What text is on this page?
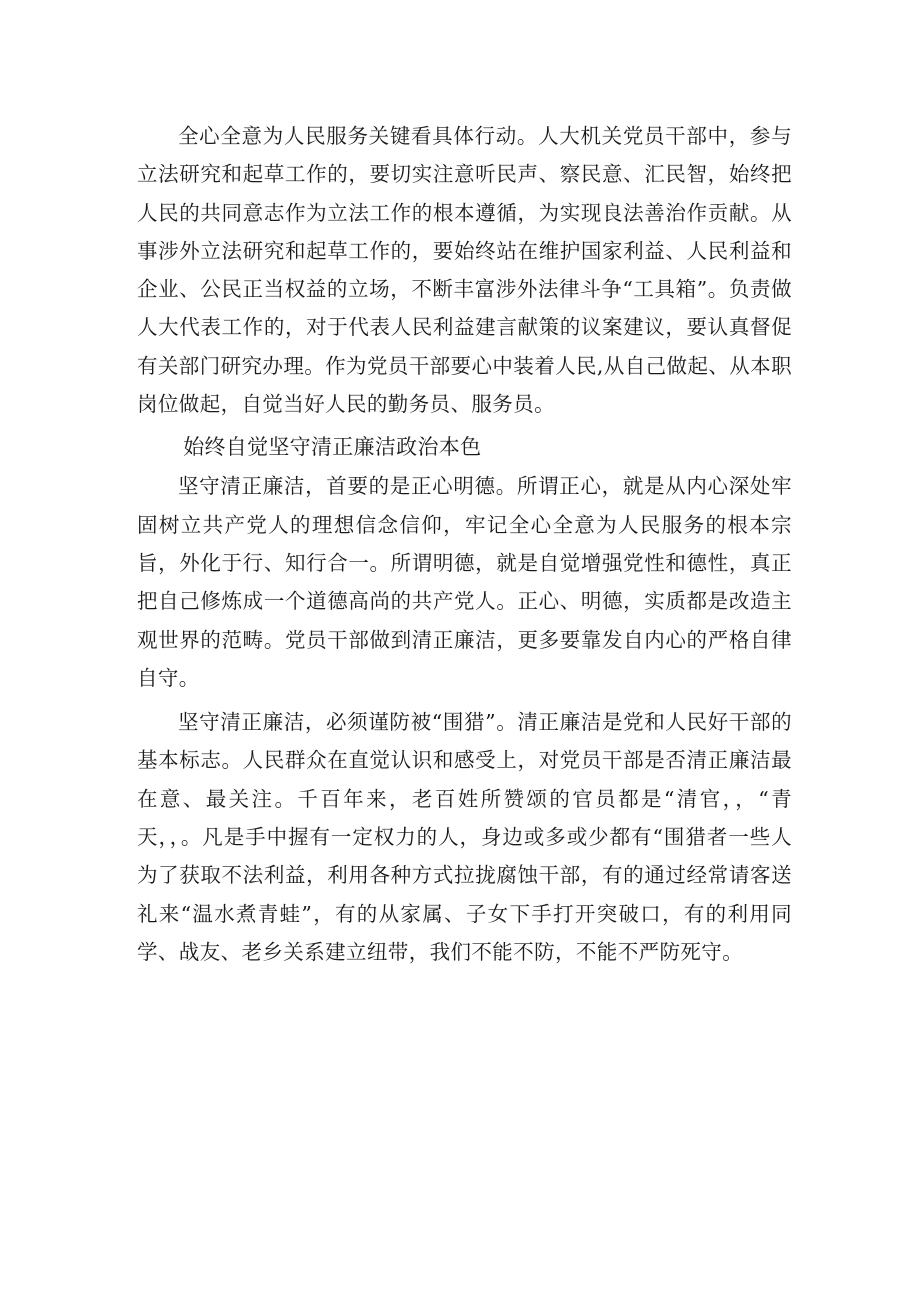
全心全意为人民服务关键看具体行动。人大机关党员干部中，参与立法研究和起草工作的，要切实注意听民声、察民意、汇民智，始终把人民的共同意志作为立法工作的根本遵循，为实现良法善治作贡献。从事涉外立法研究和起草工作的，要始终站在维护国家利益、人民利益和企业、公民正当权益的立场，不断丰富涉外法律斗争“工具箱”。负责做人大代表工作的，对于代表人民利益建言献策的议案建议，要认真督促有关部门研究办理。作为党员干部要心中装着人民,从自己做起、从本职岗位做起，自觉当好人民的勤务员、服务员。

始终自觉坚守清正廉洁政治本色

坚守清正廉洁，首要的是正心明德。所谓正心，就是从内心深处牢固树立共产党人的理想信念信仰，牢记全心全意为人民服务的根本宗旨，外化于行、知行合一。所谓明德，就是自觉增强党性和德性，真正把自己修炼成一个道德高尚的共产党人。正心、明德，实质都是改造主观世界的范畴。党员干部做到清正廉洁，更多要靠发自内心的严格自律自守。

坚守清正廉洁，必须谨防被“围猎”。清正廉洁是党和人民好干部的基本标志。人民群众在直觉认识和感受上，对党员干部是否清正廉洁最在意、最关注。千百年来，老百姓所赞颂的官员都是“清官，，“青天，，。凡是手中握有一定权力的人，身边或多或少都有“围猎者一些人为了获取不法利益，利用各种方式拉拢腐蚀干部，有的通过经常请客送礼来“温水煮青蛙”，有的从家属、子女下手打开突破口，有的利用同学、战友、老乡关系建立纽带，我们不能不防，不能不严防死守。
